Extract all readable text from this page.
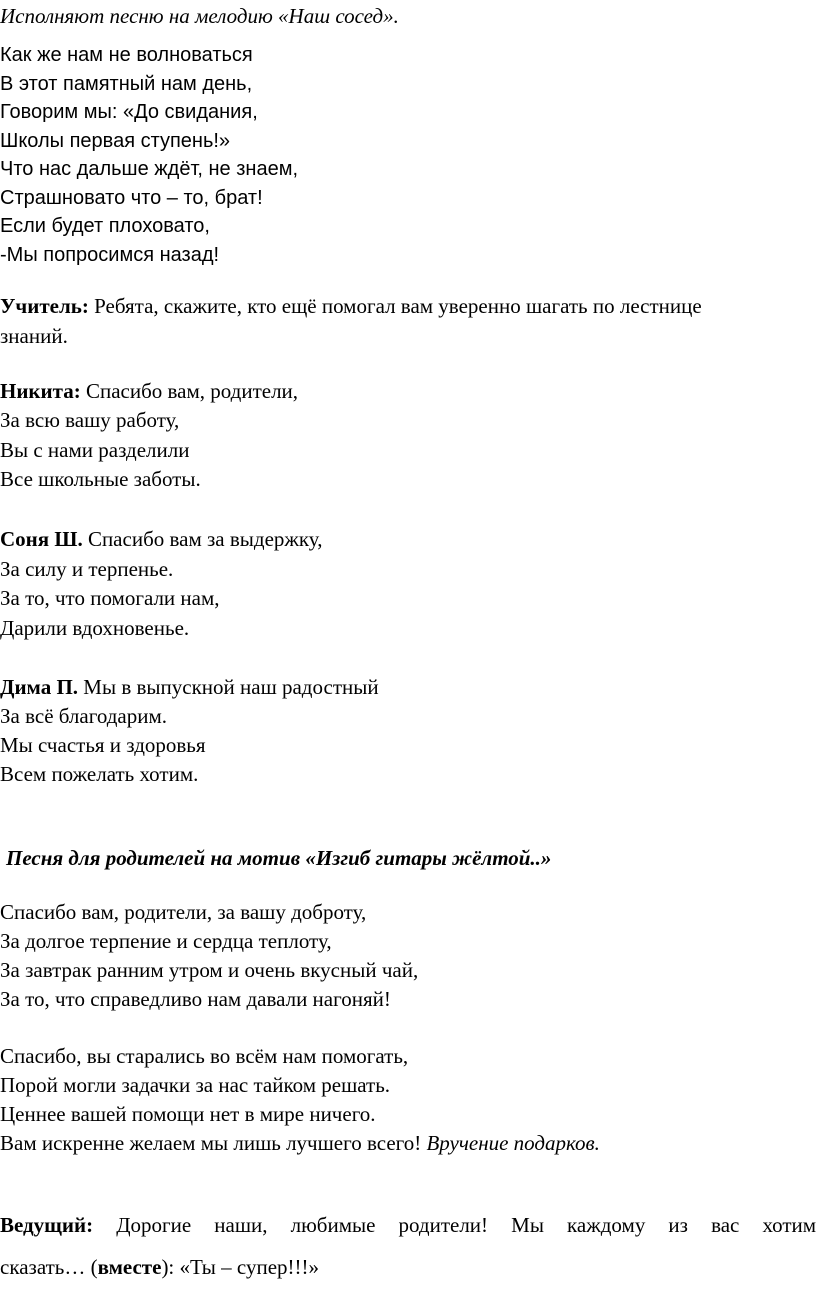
Исполняют песню на мелодию «Наш сосед».
Как же нам не волноваться
В этот памятный нам день,
Говорим мы: «До свидания,
Школы первая ступень!»
Что нас дальше ждёт, не знаем,
Страшновато что – то, брат!
Если будет плоховато,
-Мы попросимся назад!
Учитель: Ребята, скажите, кто ещё помогал вам уверенно шагать по лестнице
знаний.
Никита: Спасибо вам, родители,
За всю вашу работу,
Вы с нами разделили
Все школьные заботы.
Соня Ш. Спасибо вам за выдержку,
За силу и терпенье.
За то, что помогали нам,
Дарили вдохновенье.
Дима П. Мы в выпускной наш радостный
За всё благодарим.
Мы счастья и здоровья
Всем пожелать хотим.
Песня для родителей на мотив «Изгиб гитары жёлтой..»
Спасибо вам, родители, за вашу доброту,
За долгое терпение и сердца теплоту,
За завтрак ранним утром и очень вкусный чай,
За то, что справедливо нам давали нагоняй!
Спасибо, вы старались во всём нам помогать,
Порой могли задачки за нас тайком решать.
Ценнее вашей помощи нет в мире ничего.
Вам искренне желаем мы лишь лучшего всего! Вручение подарков.
Ведущий: Дорогие наши, любимые родители! Мы каждому из вас хотим
сказать… (вместе): «Ты – супер!!!»
